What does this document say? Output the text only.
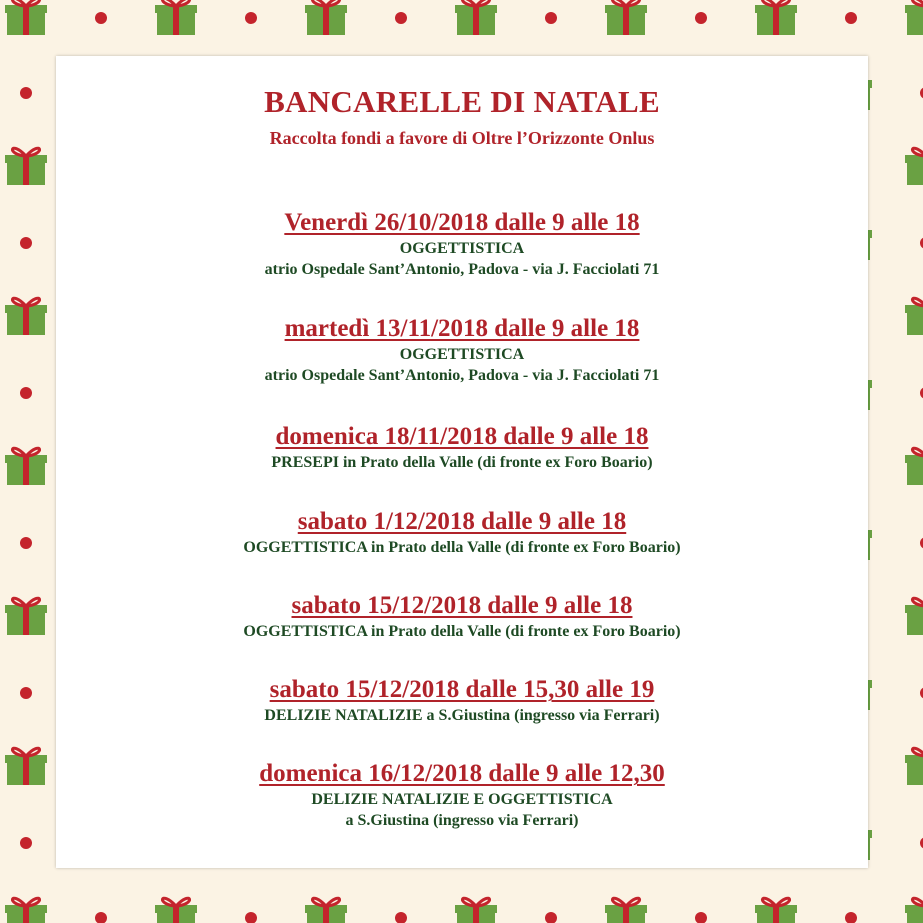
BANCARELLE DI NATALE
Raccolta fondi a favore di Oltre l’Orizzonte Onlus
Venerdì 26/10/2018 dalle 9 alle 18
OGGETTISTICA
atrio Ospedale Sant’Antonio, Padova - via J. Facciolati 71
martedì 13/11/2018 dalle 9 alle 18
OGGETTISTICA
atrio Ospedale Sant’Antonio, Padova - via J. Facciolati 71
domenica 18/11/2018 dalle 9 alle 18
PRESEPI in Prato della Valle (di fronte ex Foro Boario)
sabato 1/12/2018 dalle 9 alle 18
OGGETTISTICA in Prato della Valle (di fronte ex Foro Boario)
sabato 15/12/2018 dalle 9 alle 18
OGGETTISTICA in Prato della Valle (di fronte ex Foro Boario)
sabato 15/12/2018 dalle 15,30 alle 19
DELIZIE NATALIZIE a S.Giustina (ingresso via Ferrari)
domenica 16/12/2018 dalle 9 alle 12,30
DELIZIE NATALIZIE E OGGETTISTICA
a S.Giustina (ingresso via Ferrari)
